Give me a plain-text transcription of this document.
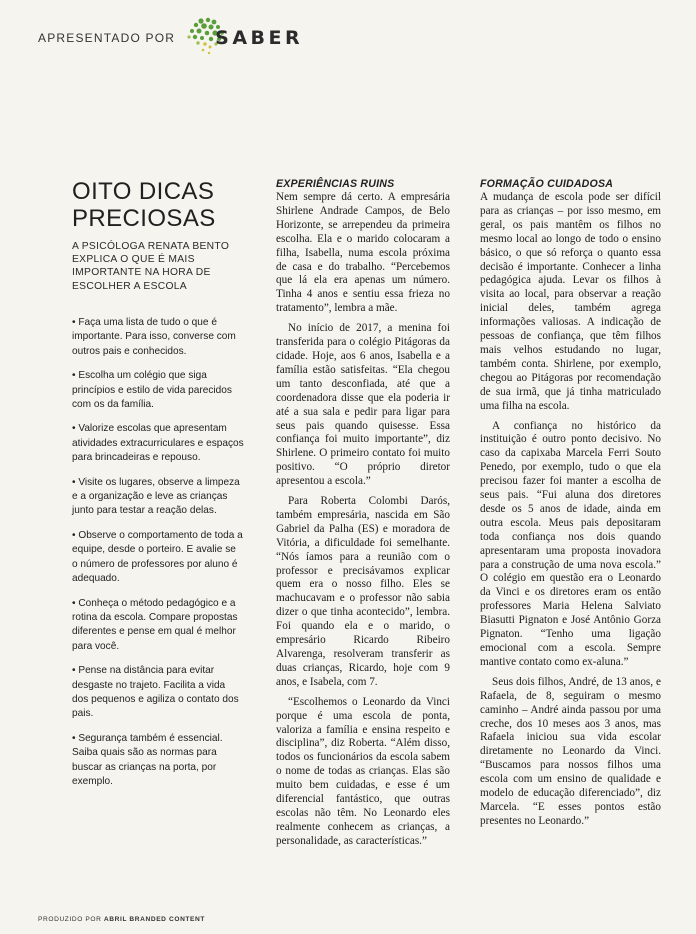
APRESENTADO POR SABER
OITO DICAS
PRECIOSAS

A PSICÓLOGA RENATA BENTO EXPLICA O QUE É MAIS IMPORTANTE NA HORA DE ESCOLHER A ESCOLA

• Faça uma lista de tudo o que é importante. Para isso, converse com outros pais e conhecidos.
• Escolha um colégio que siga princípios e estilo de vida parecidos com os da família.
• Valorize escolas que apresentam atividades extracurriculares e espaços para brincadeiras e repouso.
• Visite os lugares, observe a limpeza e a organização e leve as crianças junto para testar a reação delas.
• Observe o comportamento de toda a equipe, desde o porteiro. E avalie se o número de professores por aluno é adequado.
• Conheça o método pedagógico e a rotina da escola. Compare propostas diferentes e pense em qual é melhor para você.
• Pense na distância para evitar desgaste no trajeto. Facilita a vida dos pequenos e agiliza o contato dos pais.
• Segurança também é essencial. Saiba quais são as normas para buscar as crianças na porta, por exemplo.
EXPERIÊNCIAS RUINS

Nem sempre dá certo. A empresária Shirlene Andrade Campos, de Belo Horizonte, se arrependeu da primeira escolha. Ela e o marido colocaram a filha, Isabella, numa escola próxima de casa e do trabalho. “Percebemos que lá ela era apenas um número. Tinha 4 anos e sentiu essa frieza no tratamento”, lembra a mãe.

No início de 2017, a menina foi transferida para o colégio Pitágoras da cidade. Hoje, aos 6 anos, Isabella e a família estão satisfeitas. “Ela chegou um tanto desconfiada, até que a coordenadora disse que ela poderia ir até a sua sala e pedir para ligar para seus pais quando quisesse. Essa confiança foi muito importante”, diz Shirlene. O primeiro contato foi muito positivo. “O próprio diretor apresentou a escola.”

Para Roberta Colombi Darós, também empresária, nascida em São Gabriel da Palha (ES) e moradora de Vitória, a dificuldade foi semelhante. “Nós íamos para a reunião com o professor e precisávamos explicar quem era o nosso filho. Eles se machucavam e o professor não sabia dizer o que tinha acontecido”, lembra. Foi quando ela e o marido, o empresário Ricardo Ribeiro Alvarenga, resolveram transferir as duas crianças, Ricardo, hoje com 9 anos, e Isabela, com 7.

“Escolhemos o Leonardo da Vinci porque é uma escola de ponta, valoriza a família e ensina respeito e disciplina”, diz Roberta. “Além disso, todos os funcionários da escola sabem o nome de todas as crianças. Elas são muito bem cuidadas, e esse é um diferencial fantástico, que outras escolas não têm. No Leonardo eles realmente conhecem as crianças, a personalidade, as características.”

FORMAÇÃO CUIDADOSA

A mudança de escola pode ser difícil para as crianças – por isso mesmo, em geral, os pais mantêm os filhos no mesmo local ao longo de todo o ensino básico, o que só reforça o quanto essa decisão é importante. Conhecer a linha pedagógica ajuda. Levar os filhos à visita ao local, para observar a reação inicial deles, também agrega informações valiosas. A indicação de pessoas de confiança, que têm filhos mais velhos estudando no lugar, também conta. Shirlene, por exemplo, chegou ao Pitágoras por recomendação de sua irmã, que já tinha matriculado uma filha na escola.

A confiança no histórico da instituição é outro ponto decisivo. No caso da capixaba Marcela Ferri Souto Penedo, por exemplo, tudo o que ela precisou fazer foi manter a escolha de seus pais. “Fui aluna dos diretores desde os 5 anos de idade, ainda em outra escola. Meus pais depositaram toda confiança nos dois quando apresentaram uma proposta inovadora para a construção de uma nova escola.” O colégio em questão era o Leonardo da Vinci e os diretores eram os então professores Maria Helena Salviato Biasutti Pignaton e José Antônio Gorza Pignaton. “Tenho uma ligação emocional com a escola. Sempre mantive contato como ex-aluna.”

Seus dois filhos, André, de 13 anos, e Rafaela, de 8, seguiram o mesmo caminho – André ainda passou por uma creche, dos 10 meses aos 3 anos, mas Rafaela iniciou sua vida escolar diretamente no Leonardo da Vinci. “Buscamos para nossos filhos uma escola com um ensino de qualidade e modelo de educação diferenciado”, diz Marcela. “E esses pontos estão presentes no Leonardo.”

PRODUZIDO POR ABRIL BRANDED CONTENT
